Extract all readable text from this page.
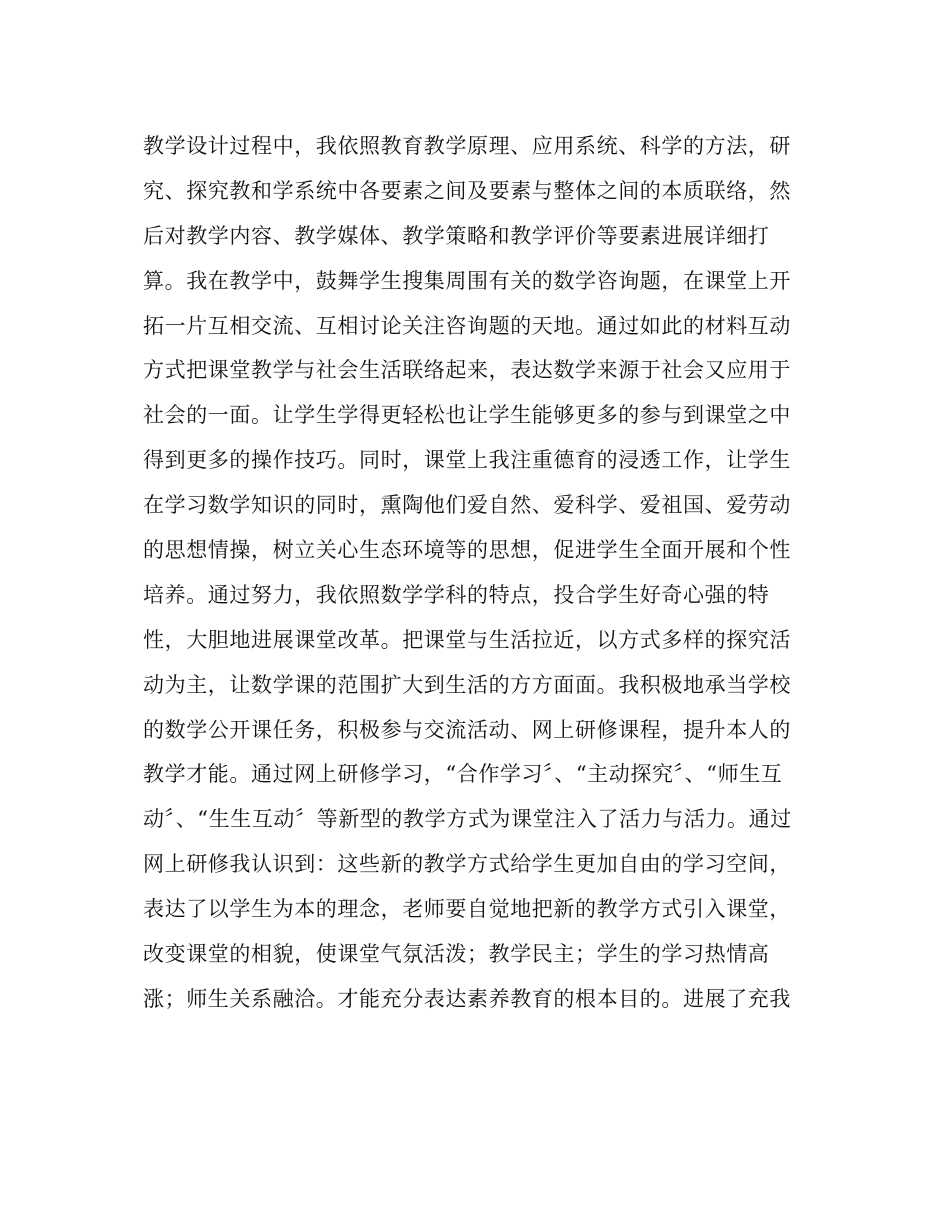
教学设计过程中，我依照教育教学原理、应用系统、科学的方法，研
究、探究教和学系统中各要素之间及要素与整体之间的本质联络，然
后对教学内容、教学媒体、教学策略和教学评价等要素进展详细打
算。我在教学中，鼓舞学生搜集周围有关的数学咨询题，在课堂上开
拓一片互相交流、互相讨论关注咨询题的天地。通过如此的材料互动
方式把课堂教学与社会生活联络起来，表达数学来源于社会又应用于
社会的一面。让学生学得更轻松也让学生能够更多的参与到课堂之中
得到更多的操作技巧。同时，课堂上我注重德育的浸透工作，让学生
在学习数学知识的同时，熏陶他们爱自然、爱科学、爱祖国、爱劳动
的思想情操，树立关心生态环境等的思想，促进学生全面开展和个性
培养。通过努力，我依照数学学科的特点，投合学生好奇心强的特
性，大胆地进展课堂改革。把课堂与生活拉近，以方式多样的探究活
动为主，让数学课的范围扩大到生活的方方面面。我积极地承当学校
的数学公开课任务，积极参与交流活动、网上研修课程，提升本人的
教学才能。通过网上研修学习，“合作学习〞、“主动探究〞、“师生互
动〞、“生生互动〞等新型的教学方式为课堂注入了活力与活力。通过
网上研修我认识到：这些新的教学方式给学生更加自由的学习空间，
表达了以学生为本的理念，老师要自觉地把新的教学方式引入课堂，
改变课堂的相貌，使课堂气氛活泼；教学民主；学生的学习热情高
涨；师生关系融洽。才能充分表达素养教育的根本目的。进展了充我
